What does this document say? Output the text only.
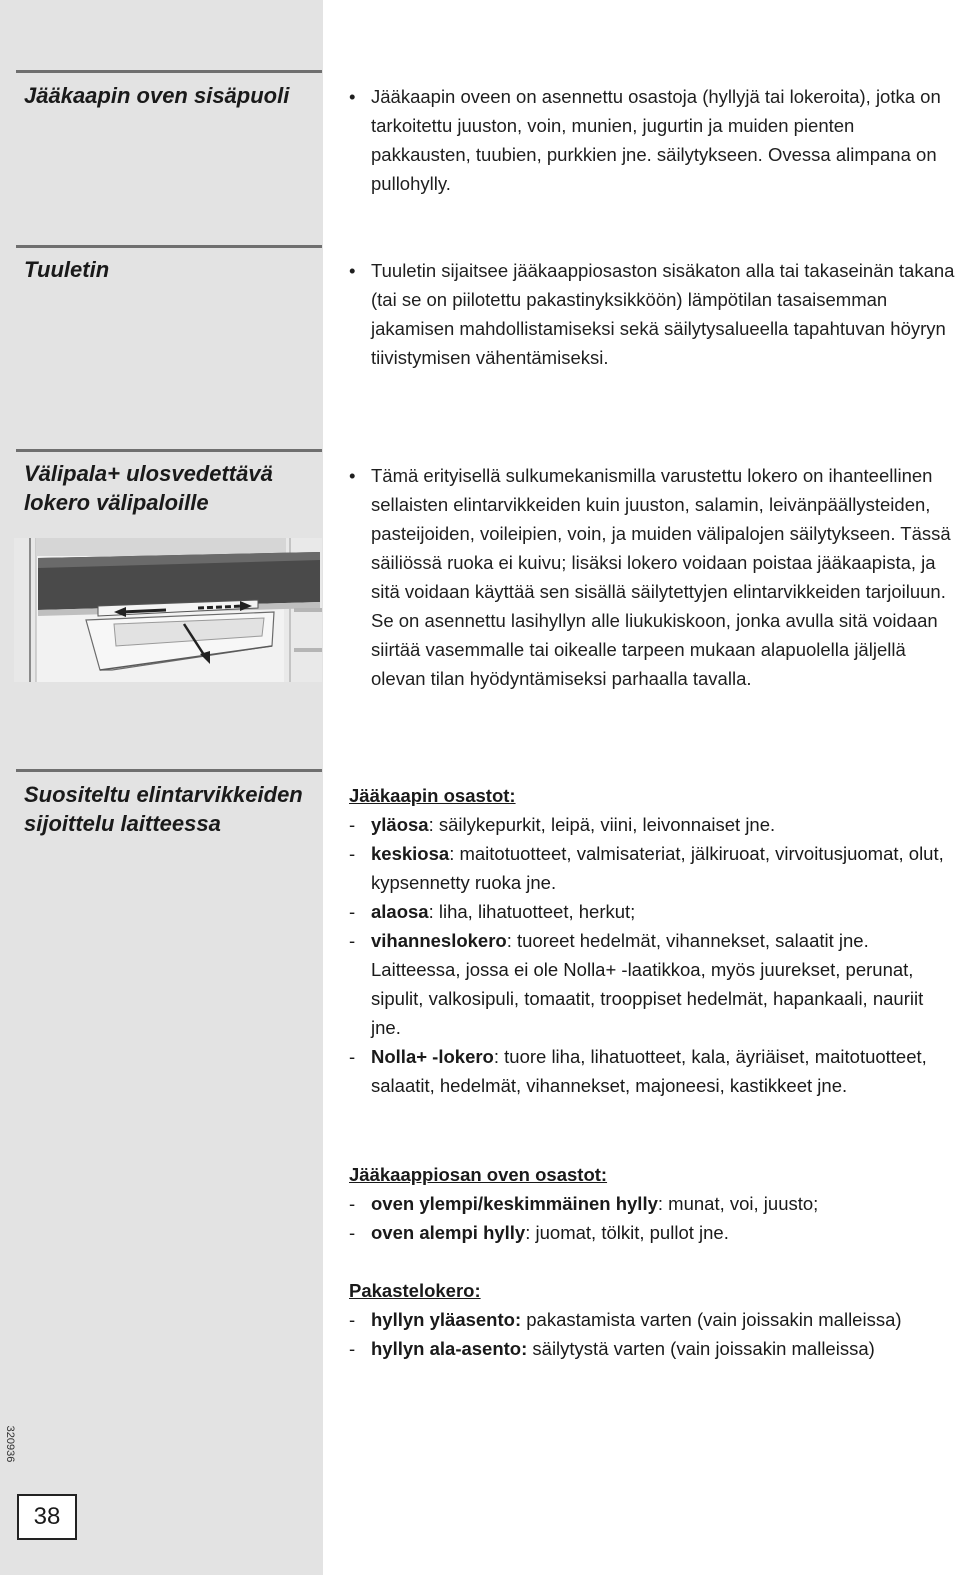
Jääkaapin oven sisäpuoli	• Jääkaapin oveen on asennettu osastoja (hyllyjä tai lokeroita), jotka on tarkoitettu juuston, voin, munien, jugurtin ja muiden pienten pakkausten, tuubien, purkkien jne. säilytykseen. Ovessa alimpana on pullohylly.
Tuuletin	• Tuuletin sijaitsee jääkaappiosaston sisäkaton alla tai takaseinän takana (tai se on piilotettu pakastinyksikköön) lämpötilan tasaisemman jakamisen mahdollistamiseksi sekä säilytysalueella tapahtuvan höyryn tiivistymisen vähentämiseksi.
Välipala+ ulosvedettävä lokero välipaloille
• Tämä erityisellä sulkumekanismilla varustettu lokero on ihanteellinen sellaisten elintarvikkeiden kuin juuston, salamin, leivänpäällysteiden, pasteijoiden, voileipien, voin, ja muiden välipalojen säilytykseen. Tässä säiliössä ruoka ei kuivu; lisäksi lokero voidaan poistaa jääkaapista, ja sitä voidaan käyttää sen sisällä säilytettyjen elintarvikkeiden tarjoiluun. Se on asennettu lasihyllyn alle liukukiskoon, jonka avulla sitä voidaan siirtää vasemmalle tai oikealle tarpeen mukaan alapuolella jäljellä olevan tilan hyödyntämiseksi parhaalla tavalla.
Suositeltu elintarvikkeiden sijoittelu laitteessa
Jääkaapin osastot:
- yläosa: säilykepurkit, leipä, viini, leivonnaiset jne.
- keskiosa: maitotuotteet, valmisateriat, jälkiruoat, virvoitusjuomat, olut, kypsennetty ruoka jne.
- alaosa: liha, lihatuotteet, herkut;
- vihanneslokero: tuoreet hedelmät, vihannekset, salaatit jne. Laitteessa, jossa ei ole Nolla+ -laatikkoa, myös juurekset, perunat, sipulit, valkosipuli, tomaatit, trooppiset hedelmät, hapankaali, nauriit jne.
- Nolla+ -lokero: tuore liha, lihatuotteet, kala, äyriäiset, maitotuotteet, salaatit, hedelmät, vihannekset, majoneesi, kastikkeet jne.
Jääkaappiosan oven osastot:
- oven ylempi/keskimmäinen hylly: munat, voi, juusto;
- oven alempi hylly: juomat, tölkit, pullot jne.
Pakastelokero:
- hyllyn yläasento: pakastamista varten (vain joissakin malleissa)
- hyllyn ala-asento: säilytystä varten (vain joissakin malleissa)
320936
38
